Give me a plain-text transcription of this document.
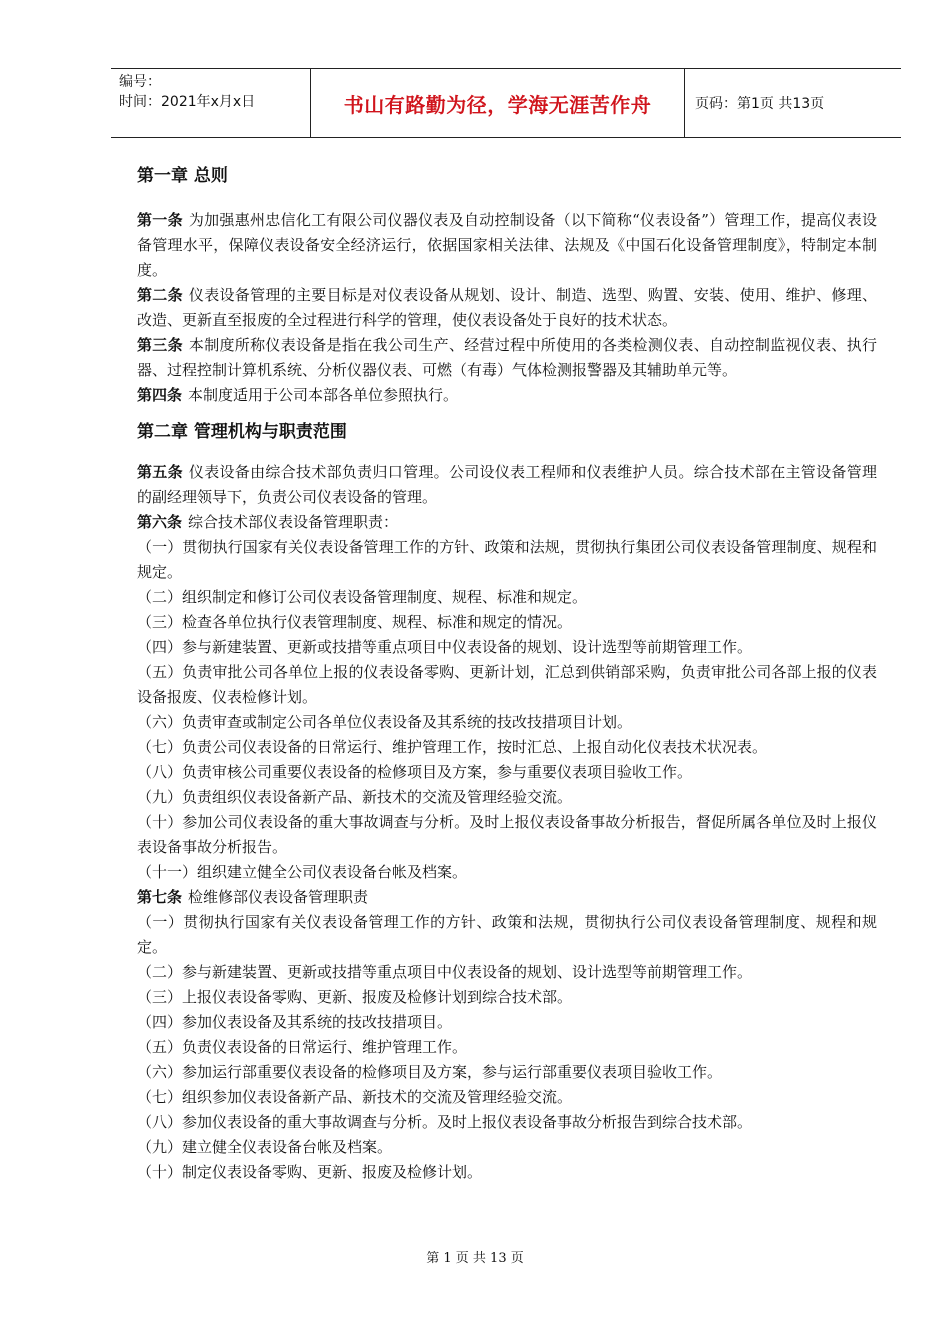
编号：
时间：2021年x月x日	书山有路勤为径，学海无涯苦作舟	页码：第1页 共13页
第一章 总则

第一条 为加强惠州忠信化工有限公司仪器仪表及自动控制设备（以下简称“仪表设备”）管理工作，提高仪表设备管理水平，保障仪表设备安全经济运行，依据国家相关法律、法规及《中国石化设备管理制度》，特制定本制度。

第二条 仪表设备管理的主要目标是对仪表设备从规划、设计、制造、选型、购置、安装、使用、维护、修理、改造、更新直至报废的全过程进行科学的管理，使仪表设备处于良好的技术状态。

第三条 本制度所称仪表设备是指在我公司生产、经营过程中所使用的各类检测仪表、自动控制监视仪表、执行器、过程控制计算机系统、分析仪器仪表、可燃（有毒）气体检测报警器及其辅助单元等。

第四条 本制度适用于公司本部各单位参照执行。

第二章 管理机构与职责范围

第五条 仪表设备由综合技术部负责归口管理。公司设仪表工程师和仪表维护人员。综合技术部在主管设备管理的副经理领导下，负责公司仪表设备的管理。

第六条 综合技术部仪表设备管理职责：

（一）贯彻执行国家有关仪表设备管理工作的方针、政策和法规，贯彻执行集团公司仪表设备管理制度、规程和规定。

（二）组织制定和修订公司仪表设备管理制度、规程、标准和规定。

（三）检查各单位执行仪表管理制度、规程、标准和规定的情况。

（四）参与新建装置、更新或技措等重点项目中仪表设备的规划、设计选型等前期管理工作。

（五）负责审批公司各单位上报的仪表设备零购、更新计划，汇总到供销部采购，负责审批公司各部上报的仪表设备报废、仪表检修计划。

（六）负责审查或制定公司各单位仪表设备及其系统的技改技措项目计划。

（七）负责公司仪表设备的日常运行、维护管理工作，按时汇总、上报自动化仪表技术状况表。

（八）负责审核公司重要仪表设备的检修项目及方案，参与重要仪表项目验收工作。

（九）负责组织仪表设备新产品、新技术的交流及管理经验交流。

（十）参加公司仪表设备的重大事故调查与分析。及时上报仪表设备事故分析报告，督促所属各单位及时上报仪表设备事故分析报告。

（十一）组织建立健全公司仪表设备台帐及档案。

第七条 检维修部仪表设备管理职责

（一）贯彻执行国家有关仪表设备管理工作的方针、政策和法规，贯彻执行公司仪表设备管理制度、规程和规定。

（二）参与新建装置、更新或技措等重点项目中仪表设备的规划、设计选型等前期管理工作。

（三）上报仪表设备零购、更新、报废及检修计划到综合技术部。

（四）参加仪表设备及其系统的技改技措项目。

（五）负责仪表设备的日常运行、维护管理工作。

（六）参加运行部重要仪表设备的检修项目及方案，参与运行部重要仪表项目验收工作。

（七）组织参加仪表设备新产品、新技术的交流及管理经验交流。

（八）参加仪表设备的重大事故调查与分析。及时上报仪表设备事故分析报告到综合技术部。

（九）建立健全仪表设备台帐及档案。

（十）制定仪表设备零购、更新、报废及检修计划。

第 1 页 共 13 页
